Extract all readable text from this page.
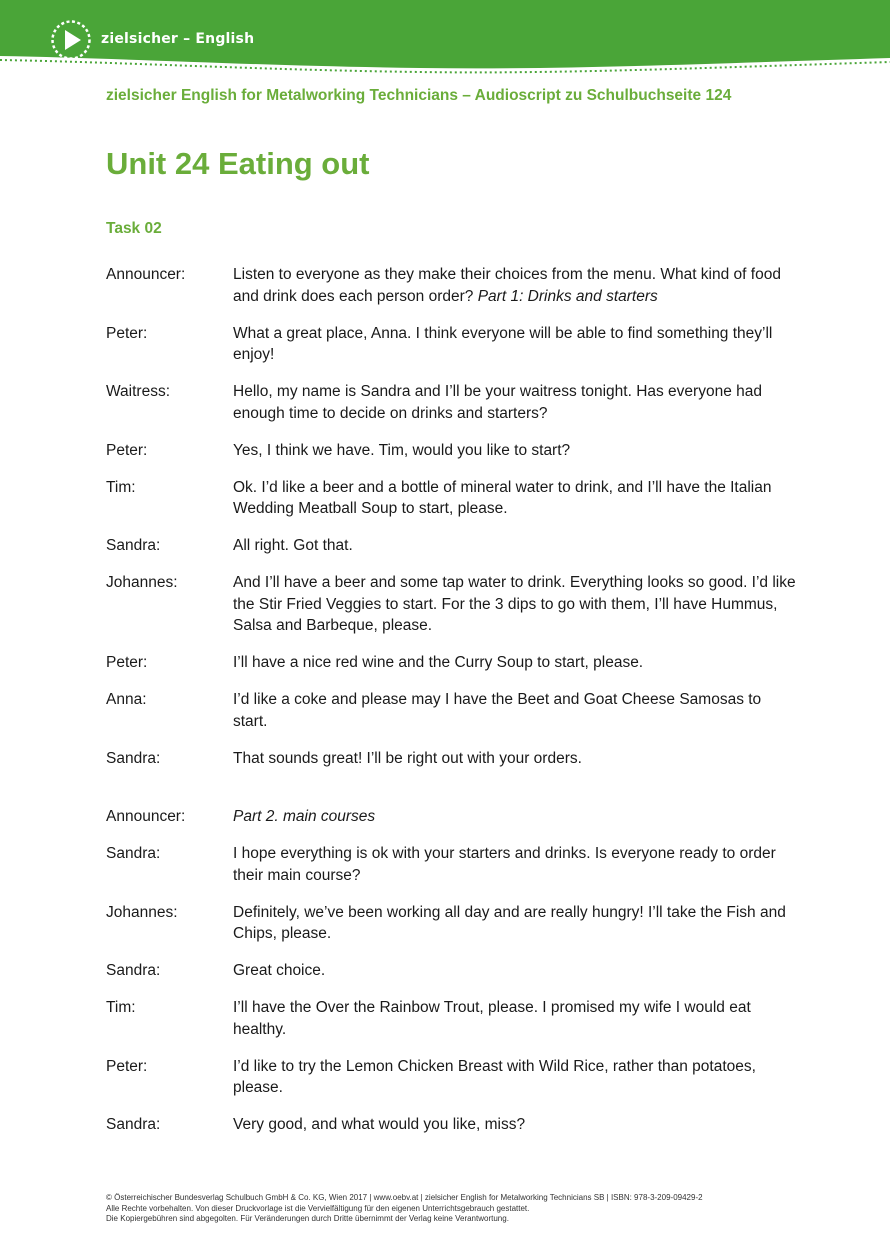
zielsicher – English
zielsicher English for Metalworking Technicians – Audioscript zu Schulbuchseite 124
Unit 24 Eating out
Task 02
Announcer:	Listen to everyone as they make their choices from the menu. What kind of food and drink does each person order? Part 1: Drinks and starters
Peter:	What a great place, Anna. I think everyone will be able to find something they’ll enjoy!
Waitress:	Hello, my name is Sandra and I’ll be your waitress tonight. Has everyone had enough time to decide on drinks and starters?
Peter:	Yes, I think we have. Tim, would you like to start?
Tim:	Ok. I’d like a beer and a bottle of mineral water to drink, and I’ll have the Italian Wedding Meatball Soup to start, please.
Sandra:	All right. Got that.
Johannes:	And I’ll have a beer and some tap water to drink. Everything looks so good. I’d like the Stir Fried Veggies to start. For the 3 dips to go with them, I’ll have Hummus, Salsa and Barbeque, please.
Peter:	I’ll have a nice red wine and the Curry Soup to start, please.
Anna:	I’d like a coke and please may I have the Beet and Goat Cheese Samosas to start.
Sandra:	That sounds great! I’ll be right out with your orders.
Announcer:	Part 2. main courses
Sandra:	I hope everything is ok with your starters and drinks. Is everyone ready to order their main course?
Johannes:	Definitely, we’ve been working all day and are really hungry! I’ll take the Fish and Chips, please.
Sandra:	Great choice.
Tim:	I’ll have the Over the Rainbow Trout, please. I promised my wife I would eat healthy.
Peter:	I’d like to try the Lemon Chicken Breast with Wild Rice, rather than potatoes, please.
Sandra:	Very good, and what would you like, miss?
© Österreichischer Bundesverlag Schulbuch GmbH & Co. KG, Wien 2017 | www.oebv.at | zielsicher English for Metalworking Technicians SB | ISBN: 978-3-209-09429-2
Alle Rechte vorbehalten. Von dieser Druckvorlage ist die Vervielfältigung für den eigenen Unterrichtsgebrauch gestattet.
Die Kopiergebühren sind abgegolten. Für Veränderungen durch Dritte übernimmt der Verlag keine Verantwortung.
